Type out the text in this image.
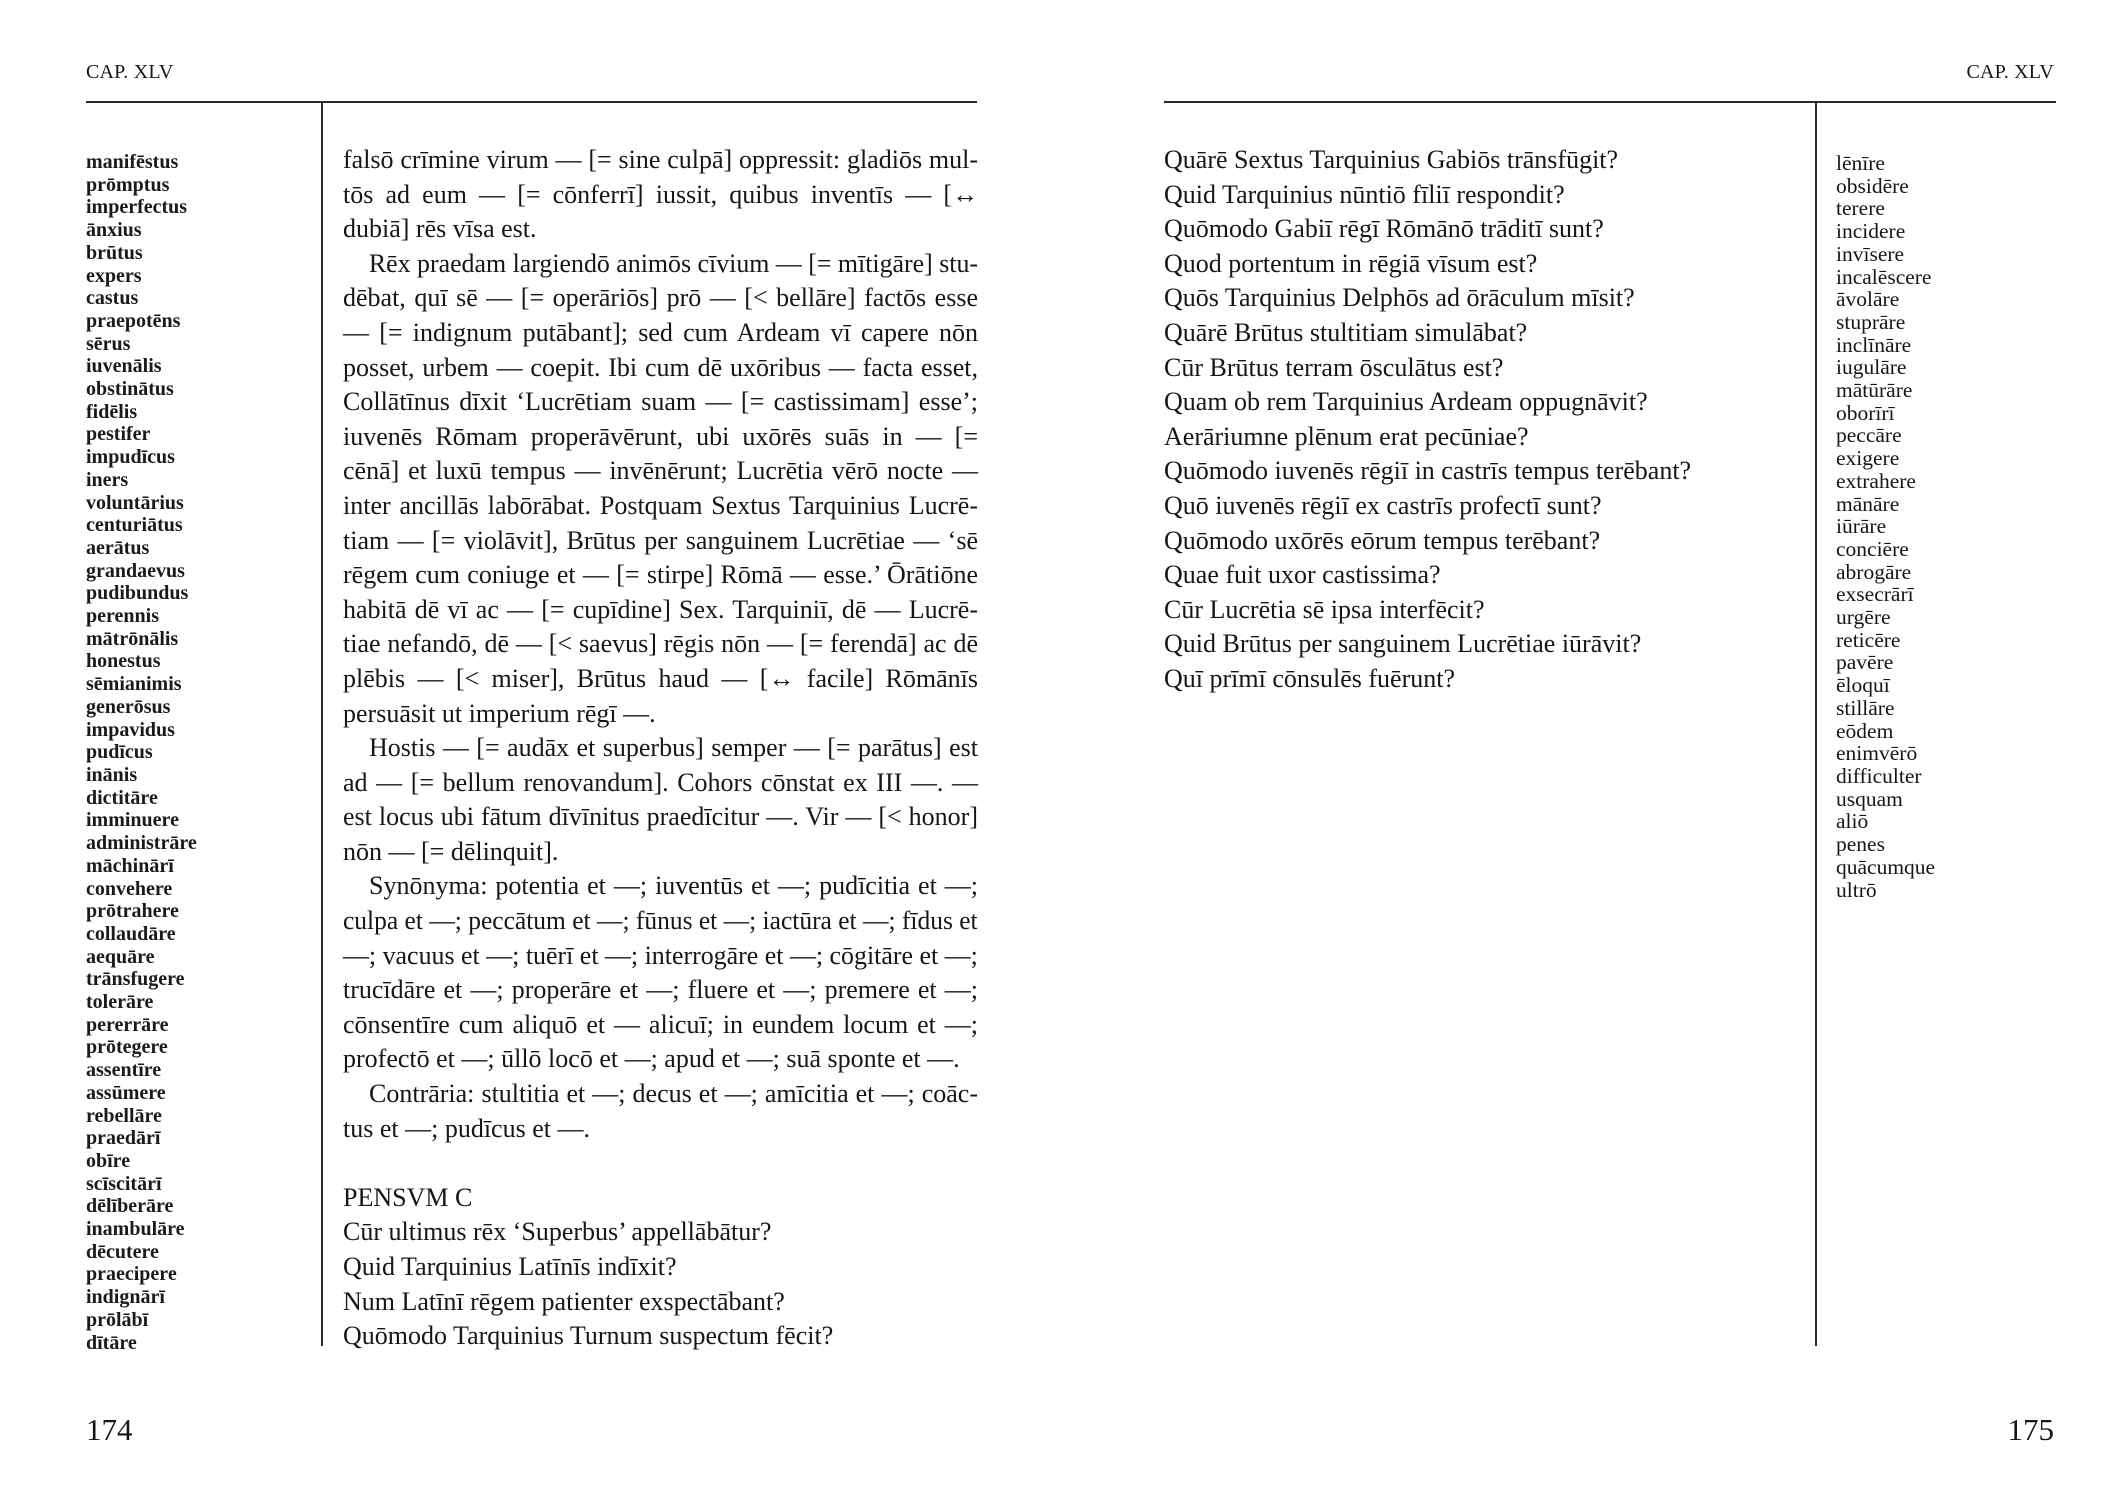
CAP. XLV
manifēstus
prōmptus
imperfectus
ānxius
brūtus
expers
castus
praepotēns
sērus
iuvenālis
obstinātus
fidēlis
pestifer
impudīcus
iners
voluntārius
centuriātus
aerātus
grandaevus
pudibundus
perennis
mātrōnālis
honestus
sēmianimis
generōsus
impavidus
pudīcus
inānis
dictitāre
imminuere
administrāre
māchinārī
convehere
prōtrahere
collaudāre
aequāre
trānsfugere
tolerāre
pererrāre
prōtegere
assentīre
assūmere
rebellāre
praedārī
obīre
scīscitārī
dēlīberāre
inambulāre
dēcutere
praecipere
indignārī
prōlābī
dītāre
falsō crīmine virum — [= sine culpā] oppressit: gladiōs mul-
tōs ad eum — [= cōnferrī] iussit, quibus inventīs — [↔
dubiā] rēs vīsa est.
Rēx praedam largiendō animōs cīvium — [= mītigāre] stu-
dēbat, quī sē — [= operāriōs] prō — [< bellāre] factōs esse
— [= indignum putābant]; sed cum Ardeam vī capere nōn
posset, urbem — coepit. Ibi cum dē uxōribus — facta esset,
Collātīnus dīxit ‘Lucrētiam suam — [= castissimam] esse’;
iuvenēs Rōmam properāvērunt, ubi uxōrēs suās in — [=
cēnā] et luxū tempus — invēnērunt; Lucrētia vērō nocte —
inter ancillās labōrābat. Postquam Sextus Tarquinius Lucrē-
tiam — [= violāvit], Brūtus per sanguinem Lucrētiae — ‘sē
rēgem cum coniuge et — [= stirpe] Rōmā — esse.’ Ōrātiōne
habitā dē vī ac — [= cupīdine] Sex. Tarquiniī, dē — Lucrē-
tiae nefandō, dē — [< saevus] rēgis nōn — [= ferendā] ac dē
plēbis — [< miser], Brūtus haud — [↔ facile] Rōmānīs
persuāsit ut imperium rēgī —.
Hostis — [= audāx et superbus] semper — [= parātus] est
ad — [= bellum renovandum]. Cohors cōnstat ex III —. —
est locus ubi fātum dīvīnitus praedīcitur —. Vir — [< honor]
nōn — [= dēlinquit].
Synōnyma: potentia et —; iuventūs et —; pudīcitia et —;
culpa et —; peccātum et —; fūnus et —; iactūra et —; fīdus et
—; vacuus et —; tuērī et —; interrogāre et —; cōgitāre et —;
trucīdāre et —; properāre et —; fluere et —; premere et —;
cōnsentīre cum aliquō et — alicuī; in eundem locum et —;
profectō et —; ūllō locō et —; apud et —; suā sponte et —.
Contrāria: stultitia et —; decus et —; amīcitia et —; coāc-
tus et —; pudīcus et —.
PENSVM C
Cūr ultimus rēx ‘Superbus’ appellābātur?
Quid Tarquinius Latīnīs indīxit?
Num Latīnī rēgem patienter exspectābant?
Quōmodo Tarquinius Turnum suspectum fēcit?
174
CAP. XLV
Quārē Sextus Tarquinius Gabiōs trānsfūgit?
Quid Tarquinius nūntiō fīliī respondit?
Quōmodo Gabiī rēgī Rōmānō trāditī sunt?
Quod portentum in rēgiā vīsum est?
Quōs Tarquinius Delphōs ad ōrāculum mīsit?
Quārē Brūtus stultitiam simulābat?
Cūr Brūtus terram ōsculātus est?
Quam ob rem Tarquinius Ardeam oppugnāvit?
Aerāriumne plēnum erat pecūniae?
Quōmodo iuvenēs rēgiī in castrīs tempus terēbant?
Quō iuvenēs rēgiī ex castrīs profectī sunt?
Quōmodo uxōrēs eōrum tempus terēbant?
Quae fuit uxor castissima?
Cūr Lucrētia sē ipsa interfēcit?
Quid Brūtus per sanguinem Lucrētiae iūrāvit?
Quī prīmī cōnsulēs fuērunt?
lēnīre
obsidēre
terere
incidere
invīsere
incalēscere
āvolāre
stuprāre
inclīnāre
iugulāre
mātūrāre
oborīrī
peccāre
exigere
extrahere
mānāre
iūrāre
conciēre
abrogāre
exsecrārī
urgēre
reticēre
pavēre
ēloquī
stillāre
eōdem
enimvērō
difficulter
usquam
aliō
penes
quācumque
ultrō
175
